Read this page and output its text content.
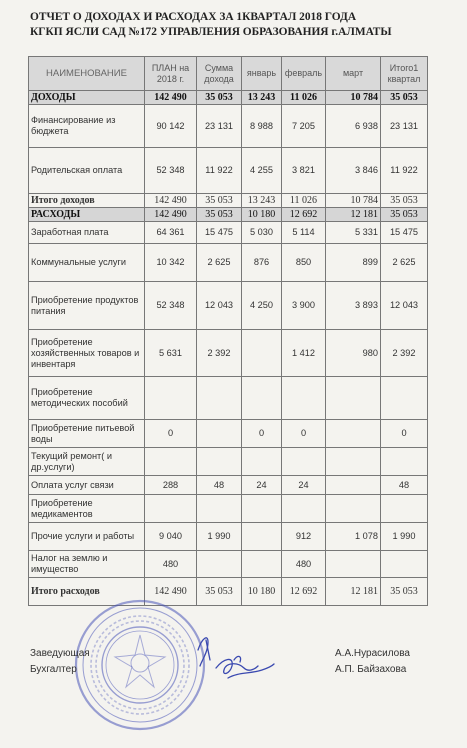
ОТЧЕТ О ДОХОДАХ И РАСХОДАХ ЗА 1КВАРТАЛ 2018 ГОДА
КГКП ЯСЛИ САД №172 УПРАВЛЕНИЯ ОБРАЗОВАНИЯ г.АЛМАТЫ
НАИМЕНОВАНИЕ	ПЛАН на 2018 г.	Сумма дохода	январь	февраль	март	Итого1 квартал
ДОХОДЫ	142 490	35 053	13 243	11 026	10 784	35 053
Финансирование из бюджета	90 142	23 131	8 988	7 205	6 938	23 131
Родительская оплата	52 348	11 922	4 255	3 821	3 846	11 922
Итого доходов	142 490	35 053	13 243	11 026	10 784	35 053
РАСХОДЫ	142 490	35 053	10 180	12 692	12 181	35 053
Заработная плата	64 361	15 475	5 030	5 114	5 331	15 475
Коммунальные услуги	10 342	2 625	876	850	899	2 625
Приобретение продуктов питания	52 348	12 043	4 250	3 900	3 893	12 043
Приобретение хозяйственных товаров и инвентаря	5 631	2 392		1 412	980	2 392
Приобретение методических пособий						
Приобретение питьевой воды	0		0	0		0
Текущий ремонт( и др.услуги)						
Оплата услуг связи	288	48	24	24		48
Приобретение медикаментов						
Прочие услуги и работы	9 040	1 990		912	1 078	1 990
Налог на землю и имущество	480			480		
Итого расходов	142 490	35 053	10 180	12 692	12 181	35 053
Заведующая
Бухгалтер
А.А.Нурасилова
А.П. Байзахова
